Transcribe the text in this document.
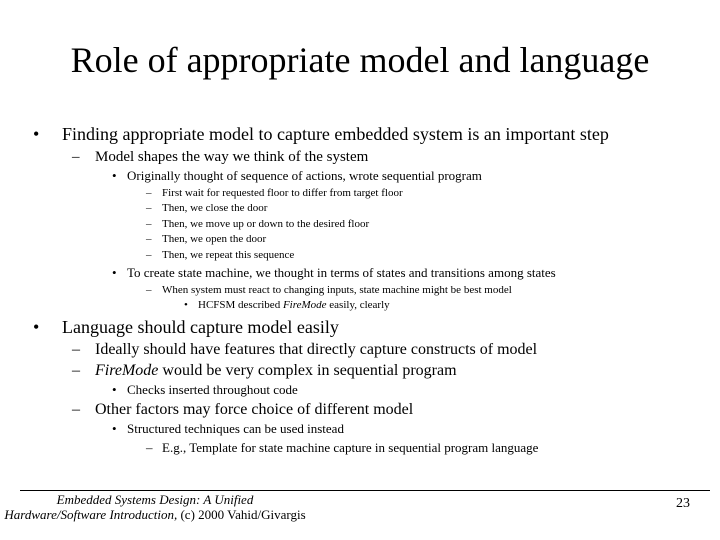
Role of appropriate model and language
• Finding appropriate model to capture embedded system is an important step
– Model shapes the way we think of the system
• Originally thought of sequence of actions, wrote sequential program
– First wait for requested floor to differ from target floor
– Then, we close the door
– Then, we move up or down to the desired floor
– Then, we open the door
– Then, we repeat this sequence
• To create state machine, we thought in terms of states and transitions among states
– When system must react to changing inputs, state machine might be best model
• HCFSM described FireMode easily, clearly
• Language should capture model easily
– Ideally should have features that directly capture constructs of model
– FireMode would be very complex in sequential program
• Checks inserted throughout code
– Other factors may force choice of different model
• Structured techniques can be used instead
– E.g., Template for state machine capture in sequential program language
Embedded Systems Design: A Unified
Hardware/Software Introduction, (c) 2000 Vahid/Givargis
23
